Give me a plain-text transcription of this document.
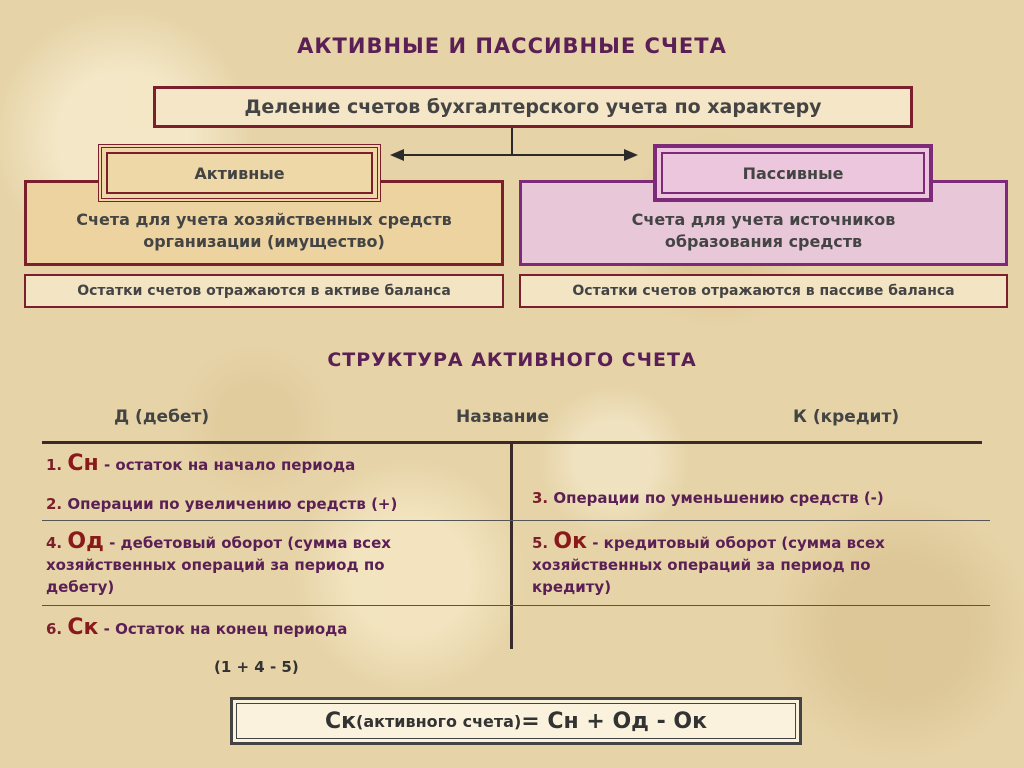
АКТИВНЫЕ И ПАССИВНЫЕ СЧЕТА
Деление счетов бухгалтерского учета по характеру
Счета для учета хозяйственных средств
организации (имущество)
Активные
Остатки счетов отражаются в активе баланса
Счета для учета источников
образования средств
Пассивные
Остатки счетов отражаются в пассиве баланса
СТРУКТУРА АКТИВНОГО СЧЕТА
Д (дебет)	Название	К (кредит)
1. Сн - остаток на начало периода
2. Операции по увеличению средств (+)
4. Од - дебетовый оборот (сумма всех
хозяйственных операций за период по
дебету)
6. Ск - Остаток на конец периода
(1 + 4 - 5)
3. Операции по уменьшению средств (-)
5. Ок - кредитовый оборот (сумма всех
хозяйственных операций за период по
кредиту)
Ск (активного счета) = Сн + Од - Ок
